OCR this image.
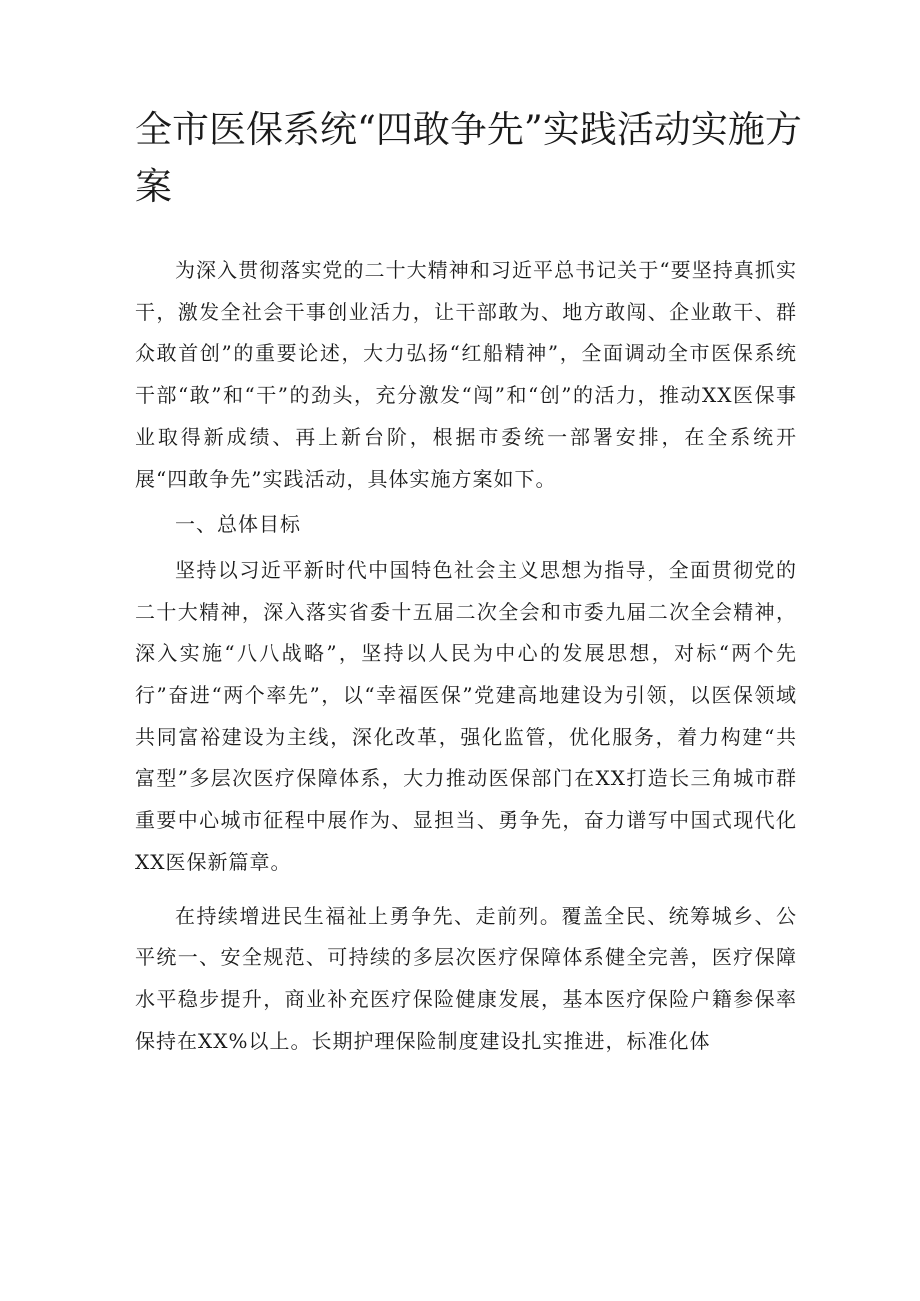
全市医保系统“四敢争先”实践活动实施方案

为深入贯彻落实党的二十大精神和习近平总书记关于“要坚持真抓实干，激发全社会干事创业活力，让干部敢为、地方敢闯、企业敢干、群众敢首创”的重要论述，大力弘扬“红船精神”，全面调动全市医保系统干部“敢”和“干”的劲头，充分激发“闯”和“创”的活力，推动XX医保事业取得新成绩、再上新台阶，根据市委统一部署安排，在全系统开展“四敢争先”实践活动，具体实施方案如下。

一、总体目标

坚持以习近平新时代中国特色社会主义思想为指导，全面贯彻党的二十大精神，深入落实省委十五届二次全会和市委九届二次全会精神，深入实施“八八战略”，坚持以人民为中心的发展思想，对标“两个先行”奋进“两个率先”，以“幸福医保”党建高地建设为引领，以医保领域共同富裕建设为主线，深化改革，强化监管，优化服务，着力构建“共富型”多层次医疗保障体系，大力推动医保部门在XX打造长三角城市群重要中心城市征程中展作为、显担当、勇争先，奋力谱写中国式现代化XX医保新篇章。

在持续增进民生福祉上勇争先、走前列。覆盖全民、统筹城乡、公平统一、安全规范、可持续的多层次医疗保障体系健全完善，医疗保障水平稳步提升，商业补充医疗保险健康发展，基本医疗保险户籍参保率保持在XX%以上。长期护理保险制度建设扎实推进，标准化体
